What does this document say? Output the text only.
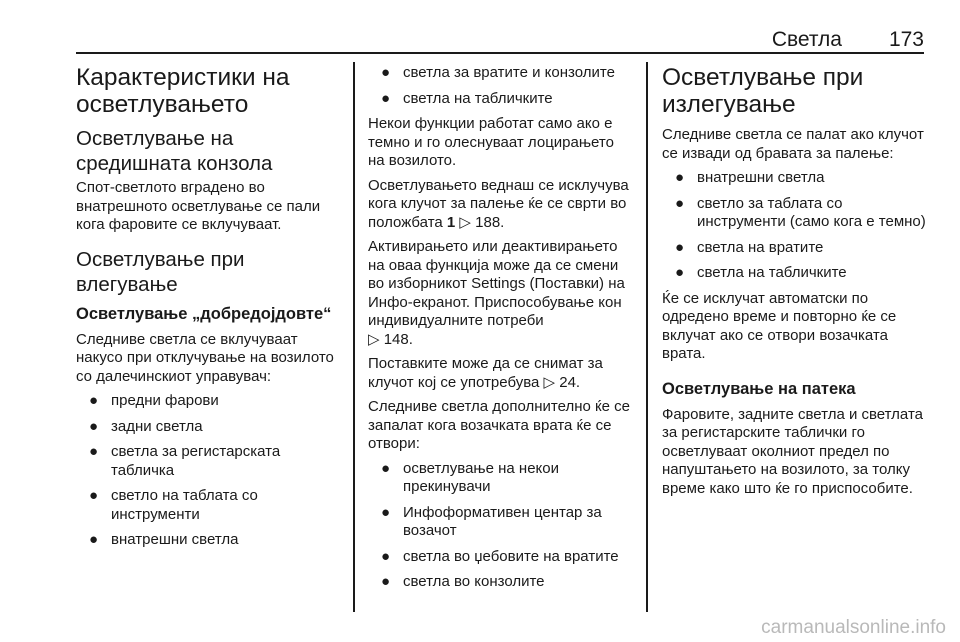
Светла 173
Карактеристики на осветлувањето
Осветлување на средишната конзола

Спот-светлото вградено во внатрешното осветлување се пали кога фаровите се вклучуваат.

Осветлување при влегување
Осветлување „добредојдовте“

Следниве светла се вклучуваат накусо при отклучување на возилото со далечинскиот управувач:

● предни фарови
● задни светла
● светла за регистарската табличка
● светло на таблата со инструменти
● внатрешни светла
● светла за вратите и конзолите
● светла на табличките

Некои функции работат само ако е темно и го олеснуваат лоцирањето на возилото.

Осветлувањето веднаш се исклучува кога клучот за палење ќе се сврти во положбата 1 ▷ 188.

Активирањето или деактивирањето на оваа функција може да се смени во изборникот Settings (Поставки) на Инфо-екранот. Приспособување кон индивидуалните потреби
▷ 148.

Поставките може да се снимат за клучот кој се употребува ▷ 24.

Следниве светла дополнително ќе се запалат кога возачката врата ќе се отвори:

● осветлување на некои прекинувачи
● Инфоформативен центар за возачот
● светла во џебовите на вратите
● светла во конзолите
Осветлување при излегување

Следниве светла се палат ако клучот се извади од бравата за палење:

● внатрешни светла
● светло за таблата со инструменти (само кога е темно)
● светла на вратите
● светла на табличките

Ќе се исклучат автоматски по одредено време и повторно ќе се вклучат ако се отвори возачката врата.

Осветлување на патека

Фаровите, задните светла и светлата за регистарските таблички го осветлуваат околниот предел по напуштањето на возилото, за толку време како што ќе го приспособите.

carmanualsonline.info
